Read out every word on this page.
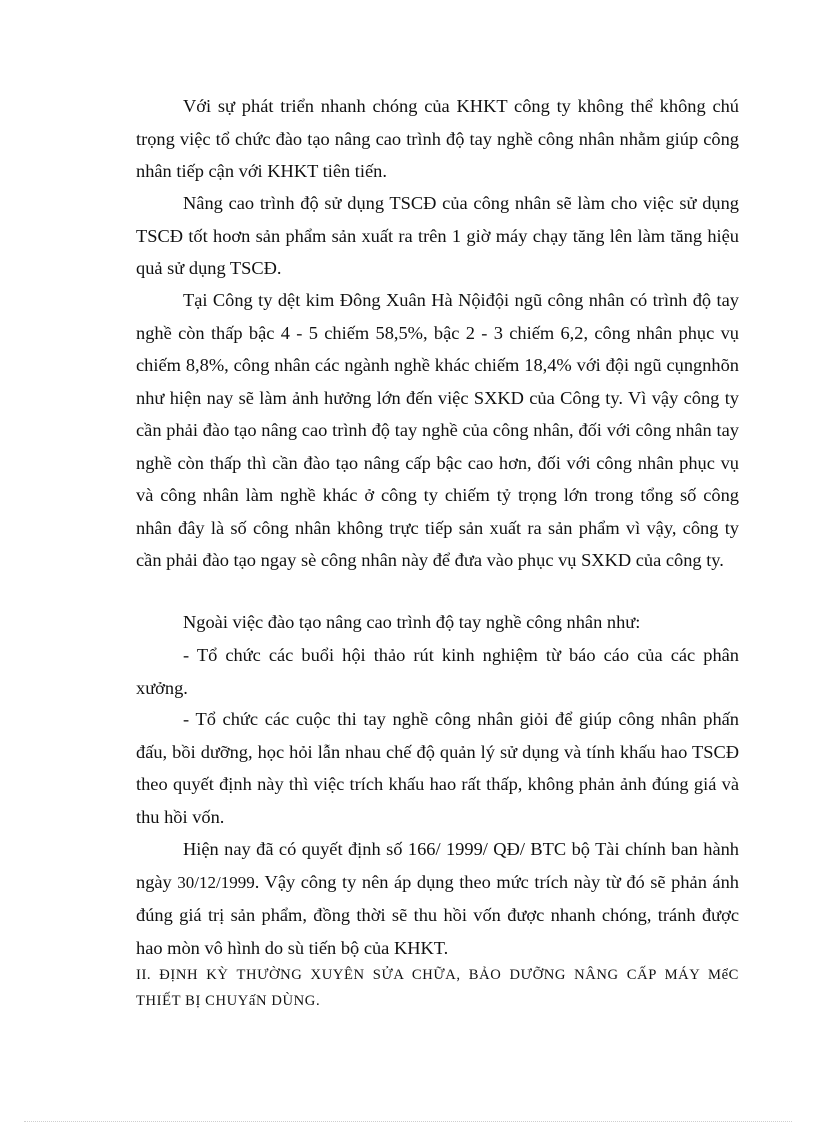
Với sự phát triển nhanh chóng của KHKT công ty không thể không chú trọng việc tổ chức đào tạo nâng cao trình độ tay nghề công nhân nhằm giúp công nhân tiếp cận với KHKT tiên tiến.

Nâng cao trình độ sử dụng TSCĐ của công nhân sẽ làm cho việc sử dụng TSCĐ tốt hoơn sản phẩm sản xuất ra trên 1 giờ máy chạy tăng lên làm tăng hiệu quả sử dụng TSCĐ.

Tại Công ty dệt kim Đông Xuân Hà Nộiđội ngũ công nhân có trình độ tay nghề còn thấp bậc 4 - 5 chiếm 58,5%, bậc 2 - 3 chiếm 6,2, công nhân phục vụ chiếm 8,8%, công nhân các ngành nghề khác chiếm 18,4% với đội ngũ cụngnhõn như hiện nay sẽ làm ảnh hưởng lớn đến việc SXKD của Công ty. Vì vậy công ty cần phải đào tạo nâng cao trình độ tay nghề của công nhân, đối với công nhân tay nghề còn thấp thì cần đào tạo nâng cấp bậc cao hơn, đối với công nhân phục vụ và công nhân làm nghề khác ở công ty chiếm tỷ trọng lớn trong tổng số công nhân đây là số công nhân không trực tiếp sản xuất ra sản phẩm vì vậy, công ty cần phải đào tạo ngay sè công nhân này để đưa vào phục vụ SXKD của công ty.

Ngoài việc đào tạo nâng cao trình độ tay nghề công nhân như:

- Tổ chức các buổi hội thảo rút kinh nghiệm từ báo cáo của các phân xưởng.

- Tổ chức các cuộc thi tay nghề công nhân giỏi để giúp công nhân phấn đấu, bồi dưỡng, học hỏi lẫn nhau chế độ quản lý sử dụng và tính khấu hao TSCĐ theo quyết định này thì việc trích khấu hao rất thấp, không phản ảnh đúng giá và thu hồi vốn.

Hiện nay đã có quyết định số 166/ 1999/ QĐ/ BTC bộ Tài chính ban hành ngày 30/12/1999. Vậy công ty nên áp dụng theo mức trích này từ đó sẽ phản ánh đúng giá trị sản phẩm, đồng thời sẽ thu hồi vốn được nhanh chóng, tránh được hao mòn vô hình do sù tiến bộ của KHKT.

II. ĐỊNH KỲ THƯỜNG XUYÊN SỬA CHỮA, BẢO DƯỠNG NÂNG CẤP MÁY MểC THIẾT BỊ CHUYấN DÙNG.
